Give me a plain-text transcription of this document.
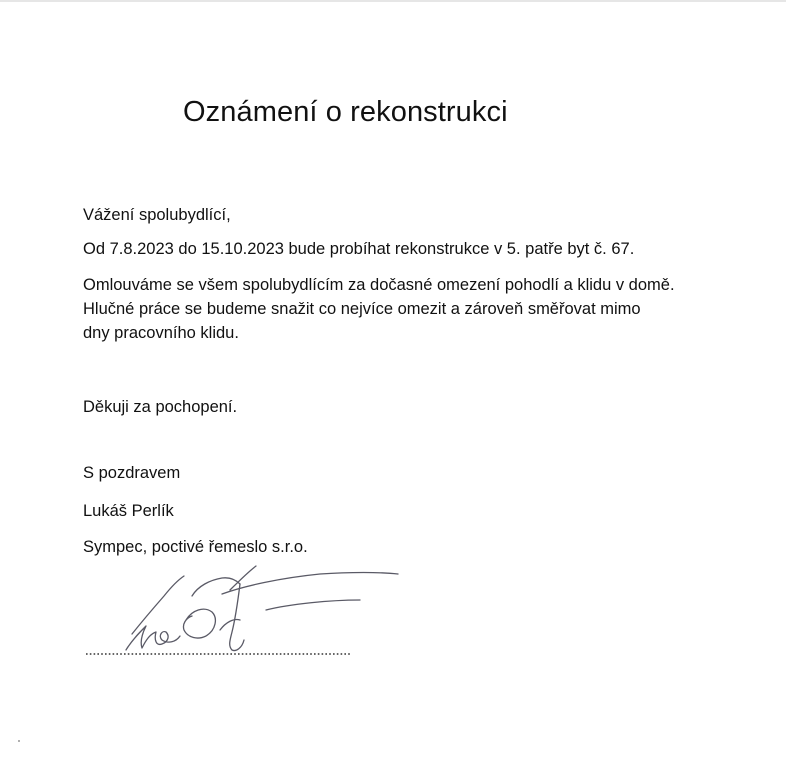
Oznámení o rekonstrukci
Vážení spolubydlící,
Od 7.8.2023 do 15.10.2023 bude probíhat rekonstrukce v 5. patře byt č. 67.
Omlouváme se všem spolubydlícím za dočasné omezení pohodlí a klidu v domě.
Hlučné práce se budeme snažit co nejvíce omezit a zároveň směřovat mimo
dny pracovního klidu.
Děkuji za pochopení.
S pozdravem
Lukáš Perlík
Sympec, poctivé řemeslo s.r.o.
